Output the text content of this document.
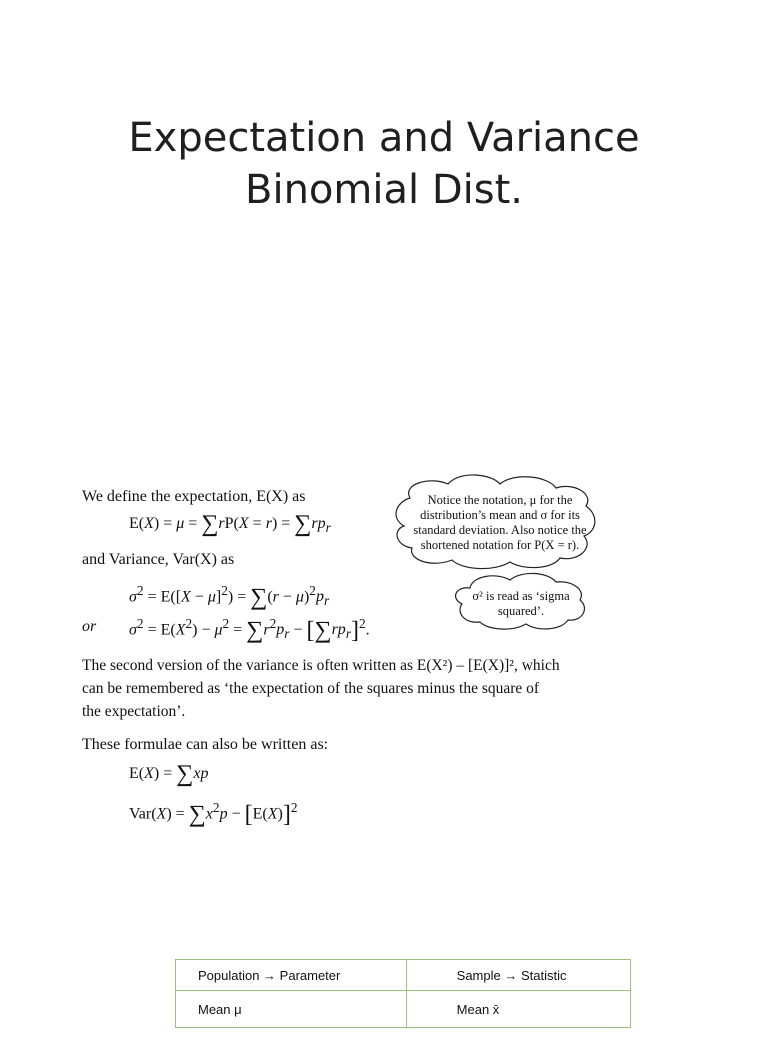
Expectation and Variance
Binomial Dist.
We define the expectation, E(X) as
$E(X) = \mu = \sum rP(X = r) = \sum rp_r$
and Variance, Var(X) as
$\sigma^2 = E([X - \mu]^2) = \sum(r - \mu)^2p_r$
or $\sigma^2 = E(X^2) - \mu^2 = \sum r^2p_r - [\sum rp_r]^2$.
The second version of the variance is often written as E(X²) – [E(X)]², which
can be remembered as ‘the expectation of the squares minus the square of
the expectation’.
These formulae can also be written as:
E(X) = ∑xp
$Var(X) = \sum x^2p - [E(X)]^2$
Notice the notation, μ for the
distribution’s mean and σ for its
standard deviation. Also notice the
shortened notation for P(X = r).
σ² is read as ‘sigma
squared’.
Population → Parameter	Sample → Statistic
Mean μ	Mean x̄
